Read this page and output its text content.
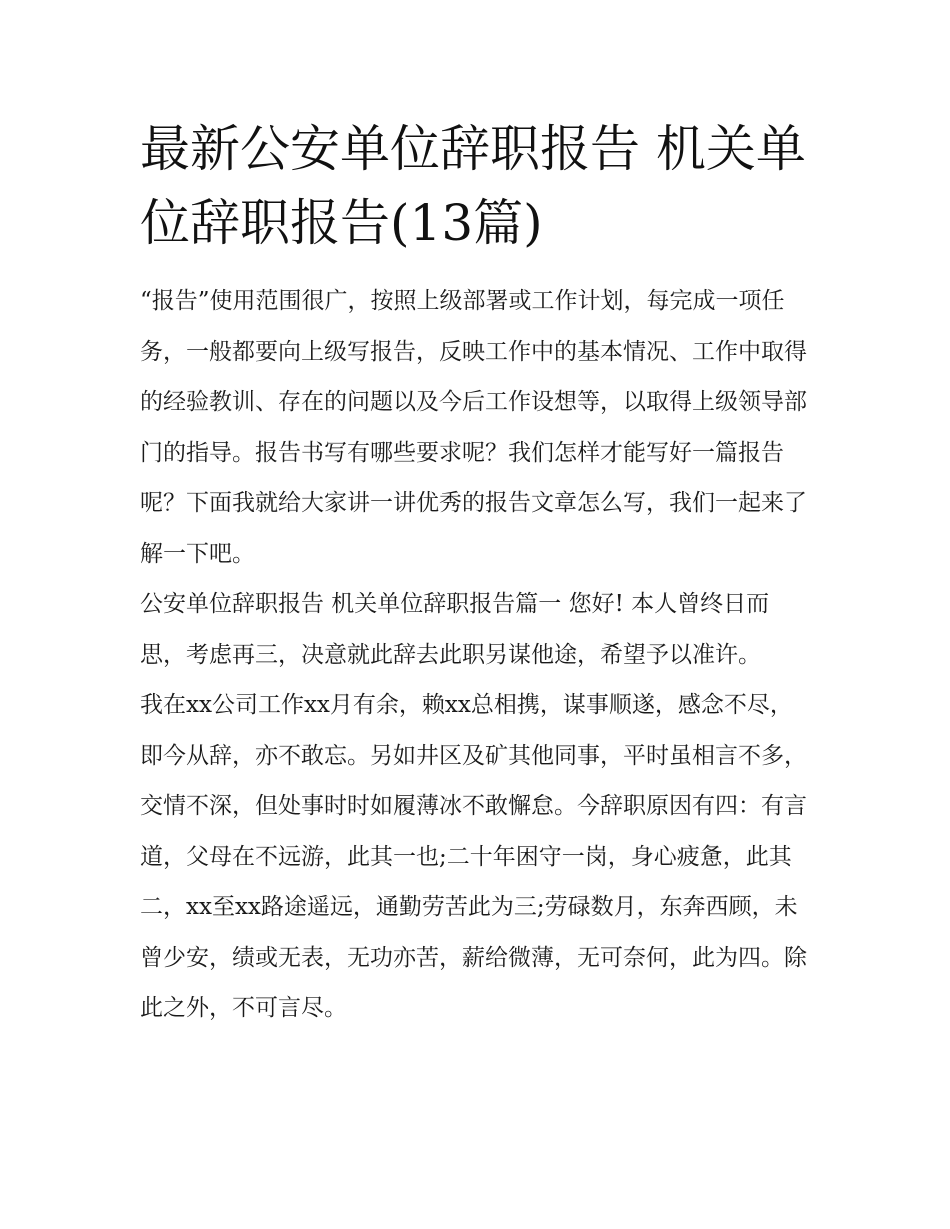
最新公安单位辞职报告 机关单位辞职报告(13篇)

“报告”使用范围很广，按照上级部署或工作计划，每完成一项任务，一般都要向上级写报告，反映工作中的基本情况、工作中取得的经验教训、存在的问题以及今后工作设想等，以取得上级领导部门的指导。报告书写有哪些要求呢？我们怎样才能写好一篇报告呢？下面我就给大家讲一讲优秀的报告文章怎么写，我们一起来了解一下吧。

公安单位辞职报告 机关单位辞职报告篇一 您好! 本人曾终日而思，考虑再三，决意就此辞去此职另谋他途，希望予以准许。

我在xx公司工作xx月有余，赖xx总相携，谋事顺遂，感念不尽，即今从辞，亦不敢忘。另如井区及矿其他同事，平时虽相言不多，交情不深，但处事时时如履薄冰不敢懈怠。今辞职原因有四：有言道，父母在不远游，此其一也;二十年困守一岗，身心疲惫，此其二，xx至xx路途遥远，通勤劳苦此为三;劳碌数月，东奔西顾，未曾少安，绩或无表，无功亦苦，薪给微薄，无可奈何，此为四。除此之外，不可言尽。
